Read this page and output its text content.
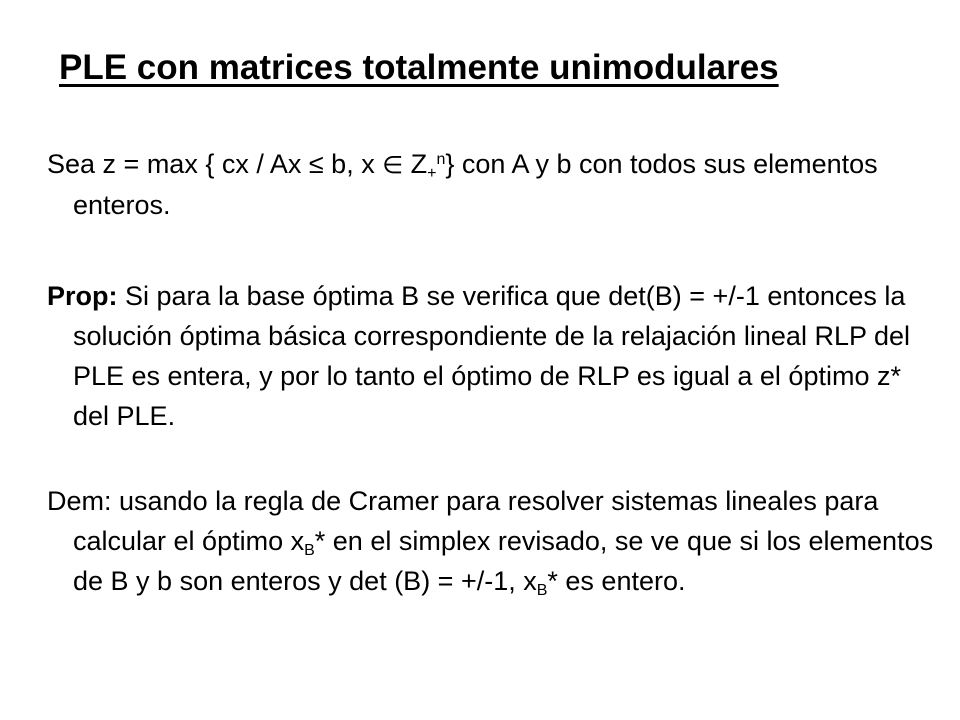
PLE con matrices totalmente unimodulares

Sea z = max { cx / Ax ≤ b, x ∈ $Z_+^n$} con A y b con todos sus elementos enteros.

Prop: Si para la base óptima B se verifica que det(B) = +/-1 entonces la solución óptima básica correspondiente de la relajación lineal RLP del PLE es entera, y por lo tanto el óptimo de RLP es igual a el óptimo z* del PLE.

Dem: usando la regla de Cramer para resolver sistemas lineales para calcular el óptimo $x_B*$ en el simplex revisado, se ve que si los elementos de B y b son enteros y det (B) = +/-1, $x_B*$ es entero.
